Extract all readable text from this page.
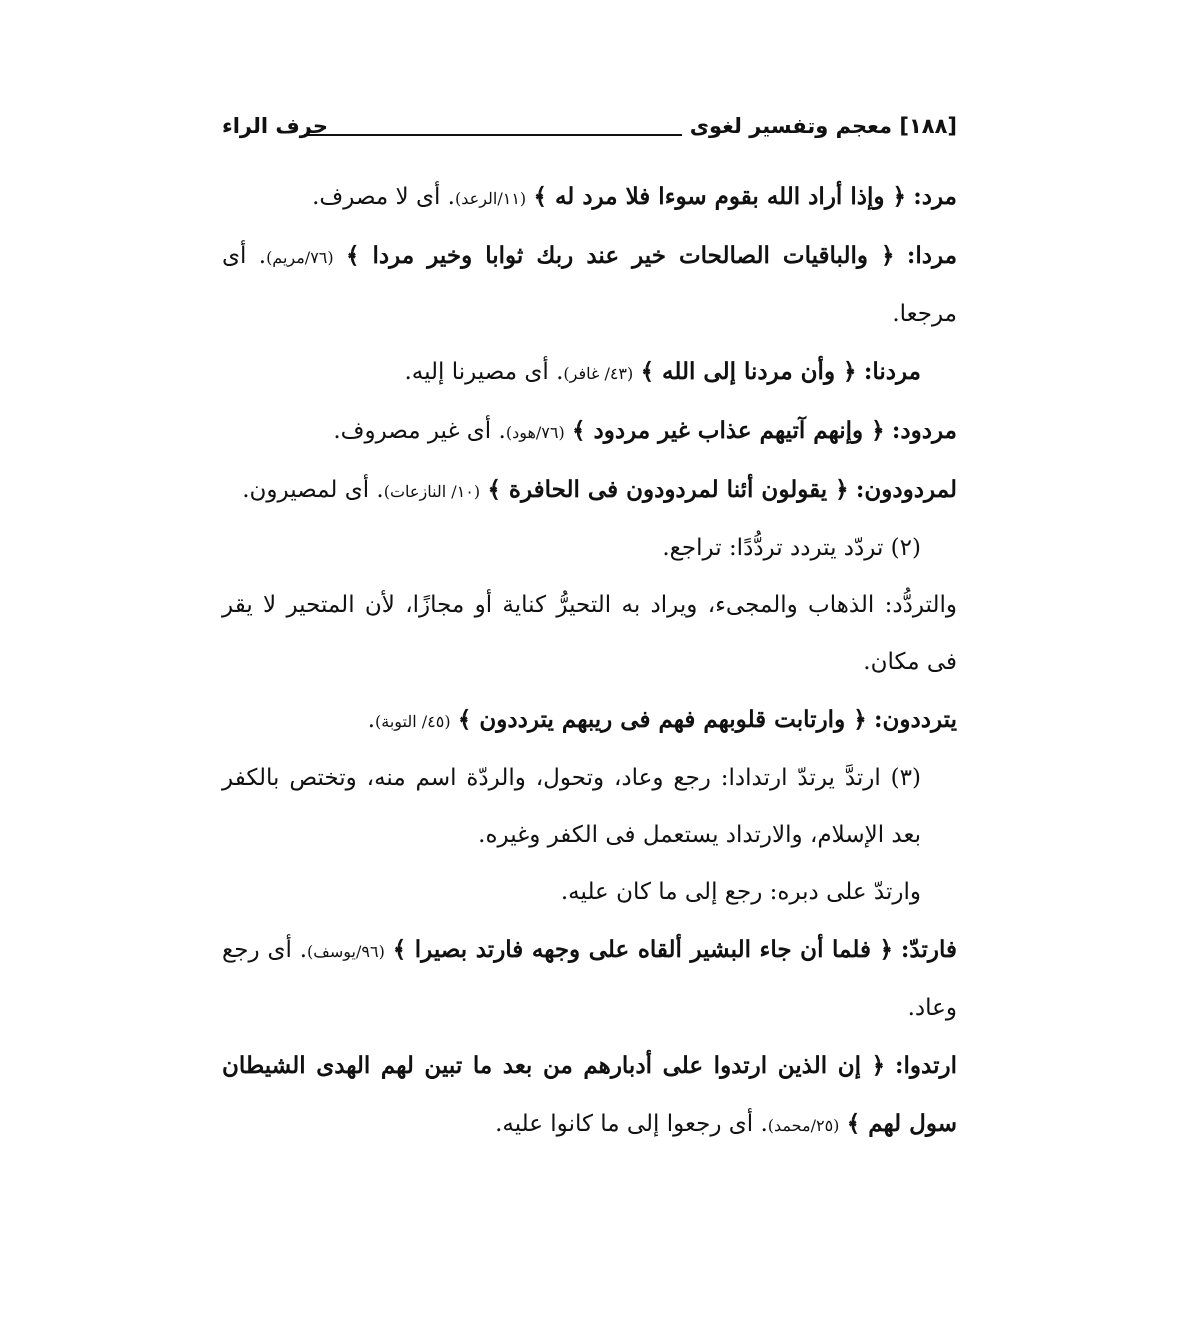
[١٨٨] معجم وتفسير لغوى
حرف الراء

مرد: ﴿ وإذا أراد الله بقوم سوءا فلا مرد له ﴾ (١١/الرعد). أى لا مصرف.

مردا: ﴿ والباقيات الصالحات خير عند ربك ثوابا وخير مردا ﴾ (٧٦/مريم). أى مرجعا.

مردنا: ﴿ وأن مردنا إلى الله ﴾ (٤٣/ غافر). أى مصيرنا إليه.

مردود: ﴿ وإنهم آتيهم عذاب غير مردود ﴾ (٧٦/هود). أى غير مصروف.

لمردودون: ﴿ يقولون أئنا لمردودون فى الحافرة ﴾ (١٠/ النازعات). أى لمصيرون.

(٢) تردّد يتردد تردُّدًا: تراجع.

والتردُّد: الذهاب والمجىء، ويراد به التحيرُّ كناية أو مجازًا، لأن المتحير لا يقر فى مكان.

يترددون: ﴿ وارتابت قلوبهم فهم فى ريبهم يترددون ﴾ (٤٥/ التوبة).

(٣) ارتدَّ يرتدّ ارتدادا: رجع وعاد، وتحول، والردّة اسم منه، وتختص بالكفر بعد الإسلام، والارتداد يستعمل فى الكفر وغيره.

وارتدّ على دبره: رجع إلى ما كان عليه.

فارتدّ: ﴿ فلما أن جاء البشير ألقاه على وجهه فارتد بصيرا ﴾ (٩٦/يوسف). أى رجع وعاد.

ارتدوا: ﴿ إن الذين ارتدوا على أدبارهم من بعد ما تبين لهم الهدى الشيطان سول لهم ﴾ (٢٥/محمد). أى رجعوا إلى ما كانوا عليه.
